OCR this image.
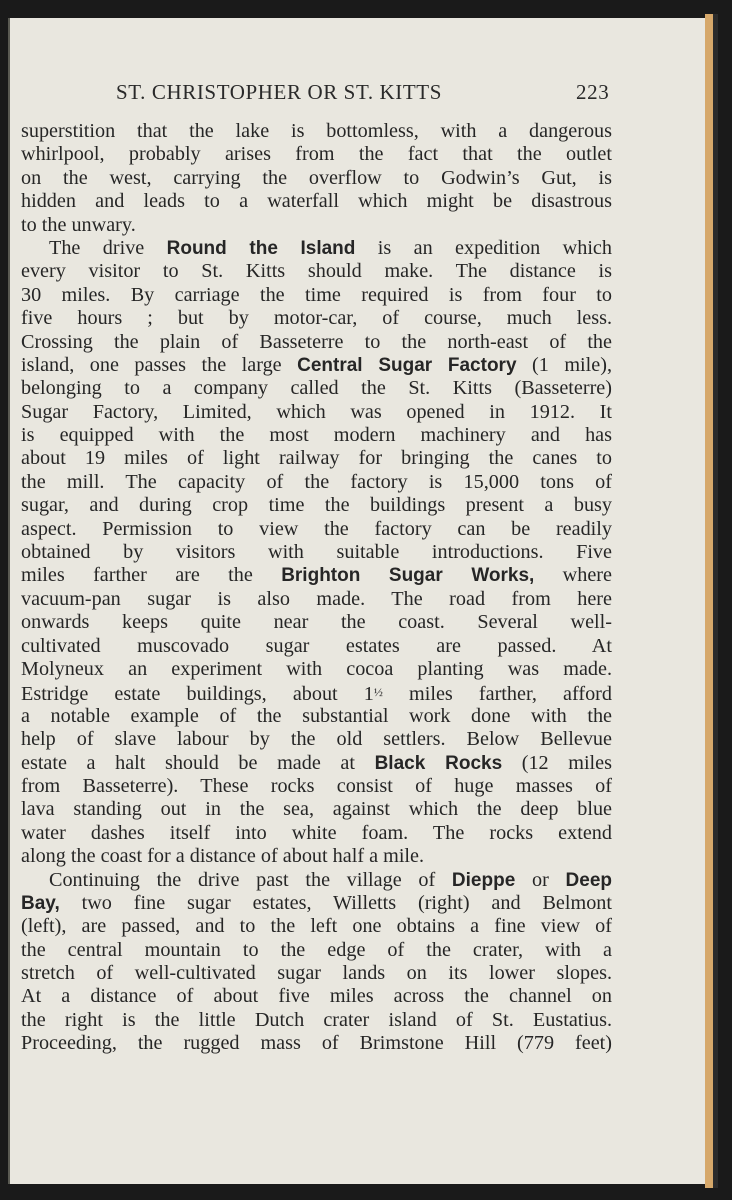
ST. CHRISTOPHER OR ST. KITTS	223
superstition that the lake is bottomless, with a dangerous
whirlpool, probably arises from the fact that the outlet
on the west, carrying the overflow to Godwin’s Gut, is
hidden and leads to a waterfall which might be disastrous
to the unwary.
The drive Round the Island is an expedition which
every visitor to St. Kitts should make. The distance is
30 miles. By carriage the time required is from four to
five hours ; but by motor-car, of course, much less.
Crossing the plain of Basseterre to the north-east of the
island, one passes the large Central Sugar Factory (1 mile),
belonging to a company called the St. Kitts (Basseterre)
Sugar Factory, Limited, which was opened in 1912. It
is equipped with the most modern machinery and has
about 19 miles of light railway for bringing the canes to
the mill. The capacity of the factory is 15,000 tons of
sugar, and during crop time the buildings present a busy
aspect. Permission to view the factory can be readily
obtained by visitors with suitable introductions. Five
miles farther are the Brighton Sugar Works, where
vacuum-pan sugar is also made. The road from here
onwards keeps quite near the coast. Several well-
cultivated muscovado sugar estates are passed. At
Molyneux an experiment with cocoa planting was made.
Estridge estate buildings, about $1^{\frac{1}{2}}$ miles farther, afford
a notable example of the substantial work done with the
help of slave labour by the old settlers. Below Bellevue
estate a halt should be made at Black Rocks (12 miles
from Basseterre). These rocks consist of huge masses of
lava standing out in the sea, against which the deep blue
water dashes itself into white foam. The rocks extend
along the coast for a distance of about half a mile.
Continuing the drive past the village of Dieppe or Deep
Bay, two fine sugar estates, Willetts (right) and Belmont
(left), are passed, and to the left one obtains a fine view of
the central mountain to the edge of the crater, with a
stretch of well-cultivated sugar lands on its lower slopes.
At a distance of about five miles across the channel on
the right is the little Dutch crater island of St. Eustatius.
Proceeding, the rugged mass of Brimstone Hill (779 feet)
